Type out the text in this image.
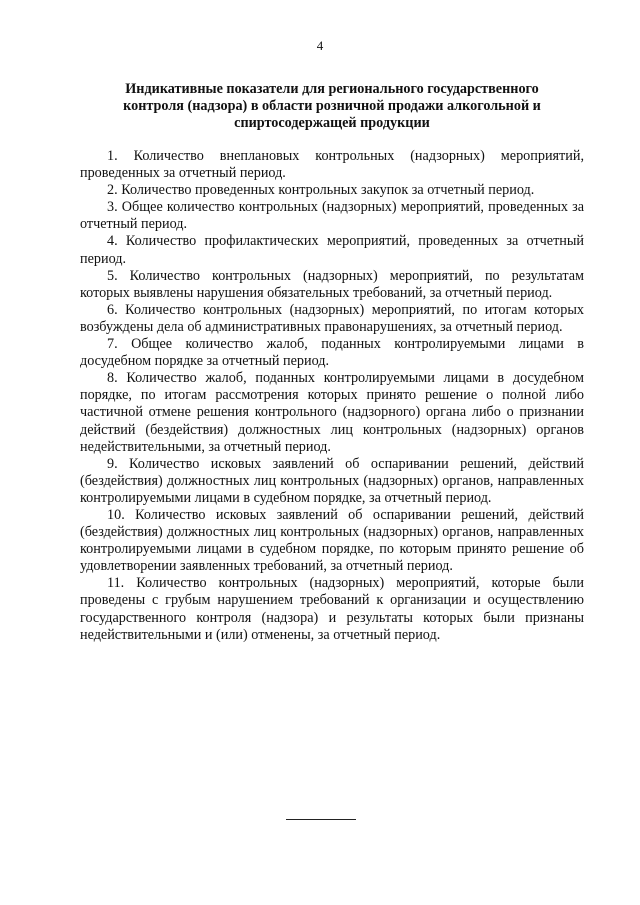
4
Индикативные показатели для регионального государственного
контроля (надзора) в области розничной продажи алкогольной и
спиртосодержащей продукции
1. Количество внеплановых контрольных (надзорных) мероприятий, проведенных за отчетный период.
2. Количество проведенных контрольных закупок за отчетный период.
3. Общее количество контрольных (надзорных) мероприятий, проведенных за отчетный период.
4. Количество профилактических мероприятий, проведенных за отчетный период.
5. Количество контрольных (надзорных) мероприятий, по результатам которых выявлены нарушения обязательных требований, за отчетный период.
6. Количество контрольных (надзорных) мероприятий, по итогам которых возбуждены дела об административных правонарушениях, за отчетный период.
7. Общее количество жалоб, поданных контролируемыми лицами в досудебном порядке за отчетный период.
8. Количество жалоб, поданных контролируемыми лицами в досудебном порядке, по итогам рассмотрения которых принято решение о полной либо частичной отмене решения контрольного (надзорного) органа либо о признании действий (бездействия) должностных лиц контрольных (надзорных) органов недействительными, за отчетный период.
9. Количество исковых заявлений об оспаривании решений, действий (бездействия) должностных лиц контрольных (надзорных) органов, направленных контролируемыми лицами в судебном порядке, за отчетный период.
10. Количество исковых заявлений об оспаривании решений, действий (бездействия) должностных лиц контрольных (надзорных) органов, направленных контролируемыми лицами в судебном порядке, по которым принято решение об удовлетворении заявленных требований, за отчетный период.
11. Количество контрольных (надзорных) мероприятий, которые были проведены с грубым нарушением требований к организации и осуществлению государственного контроля (надзора) и результаты которых были признаны недействительными и (или) отменены, за отчетный период.
